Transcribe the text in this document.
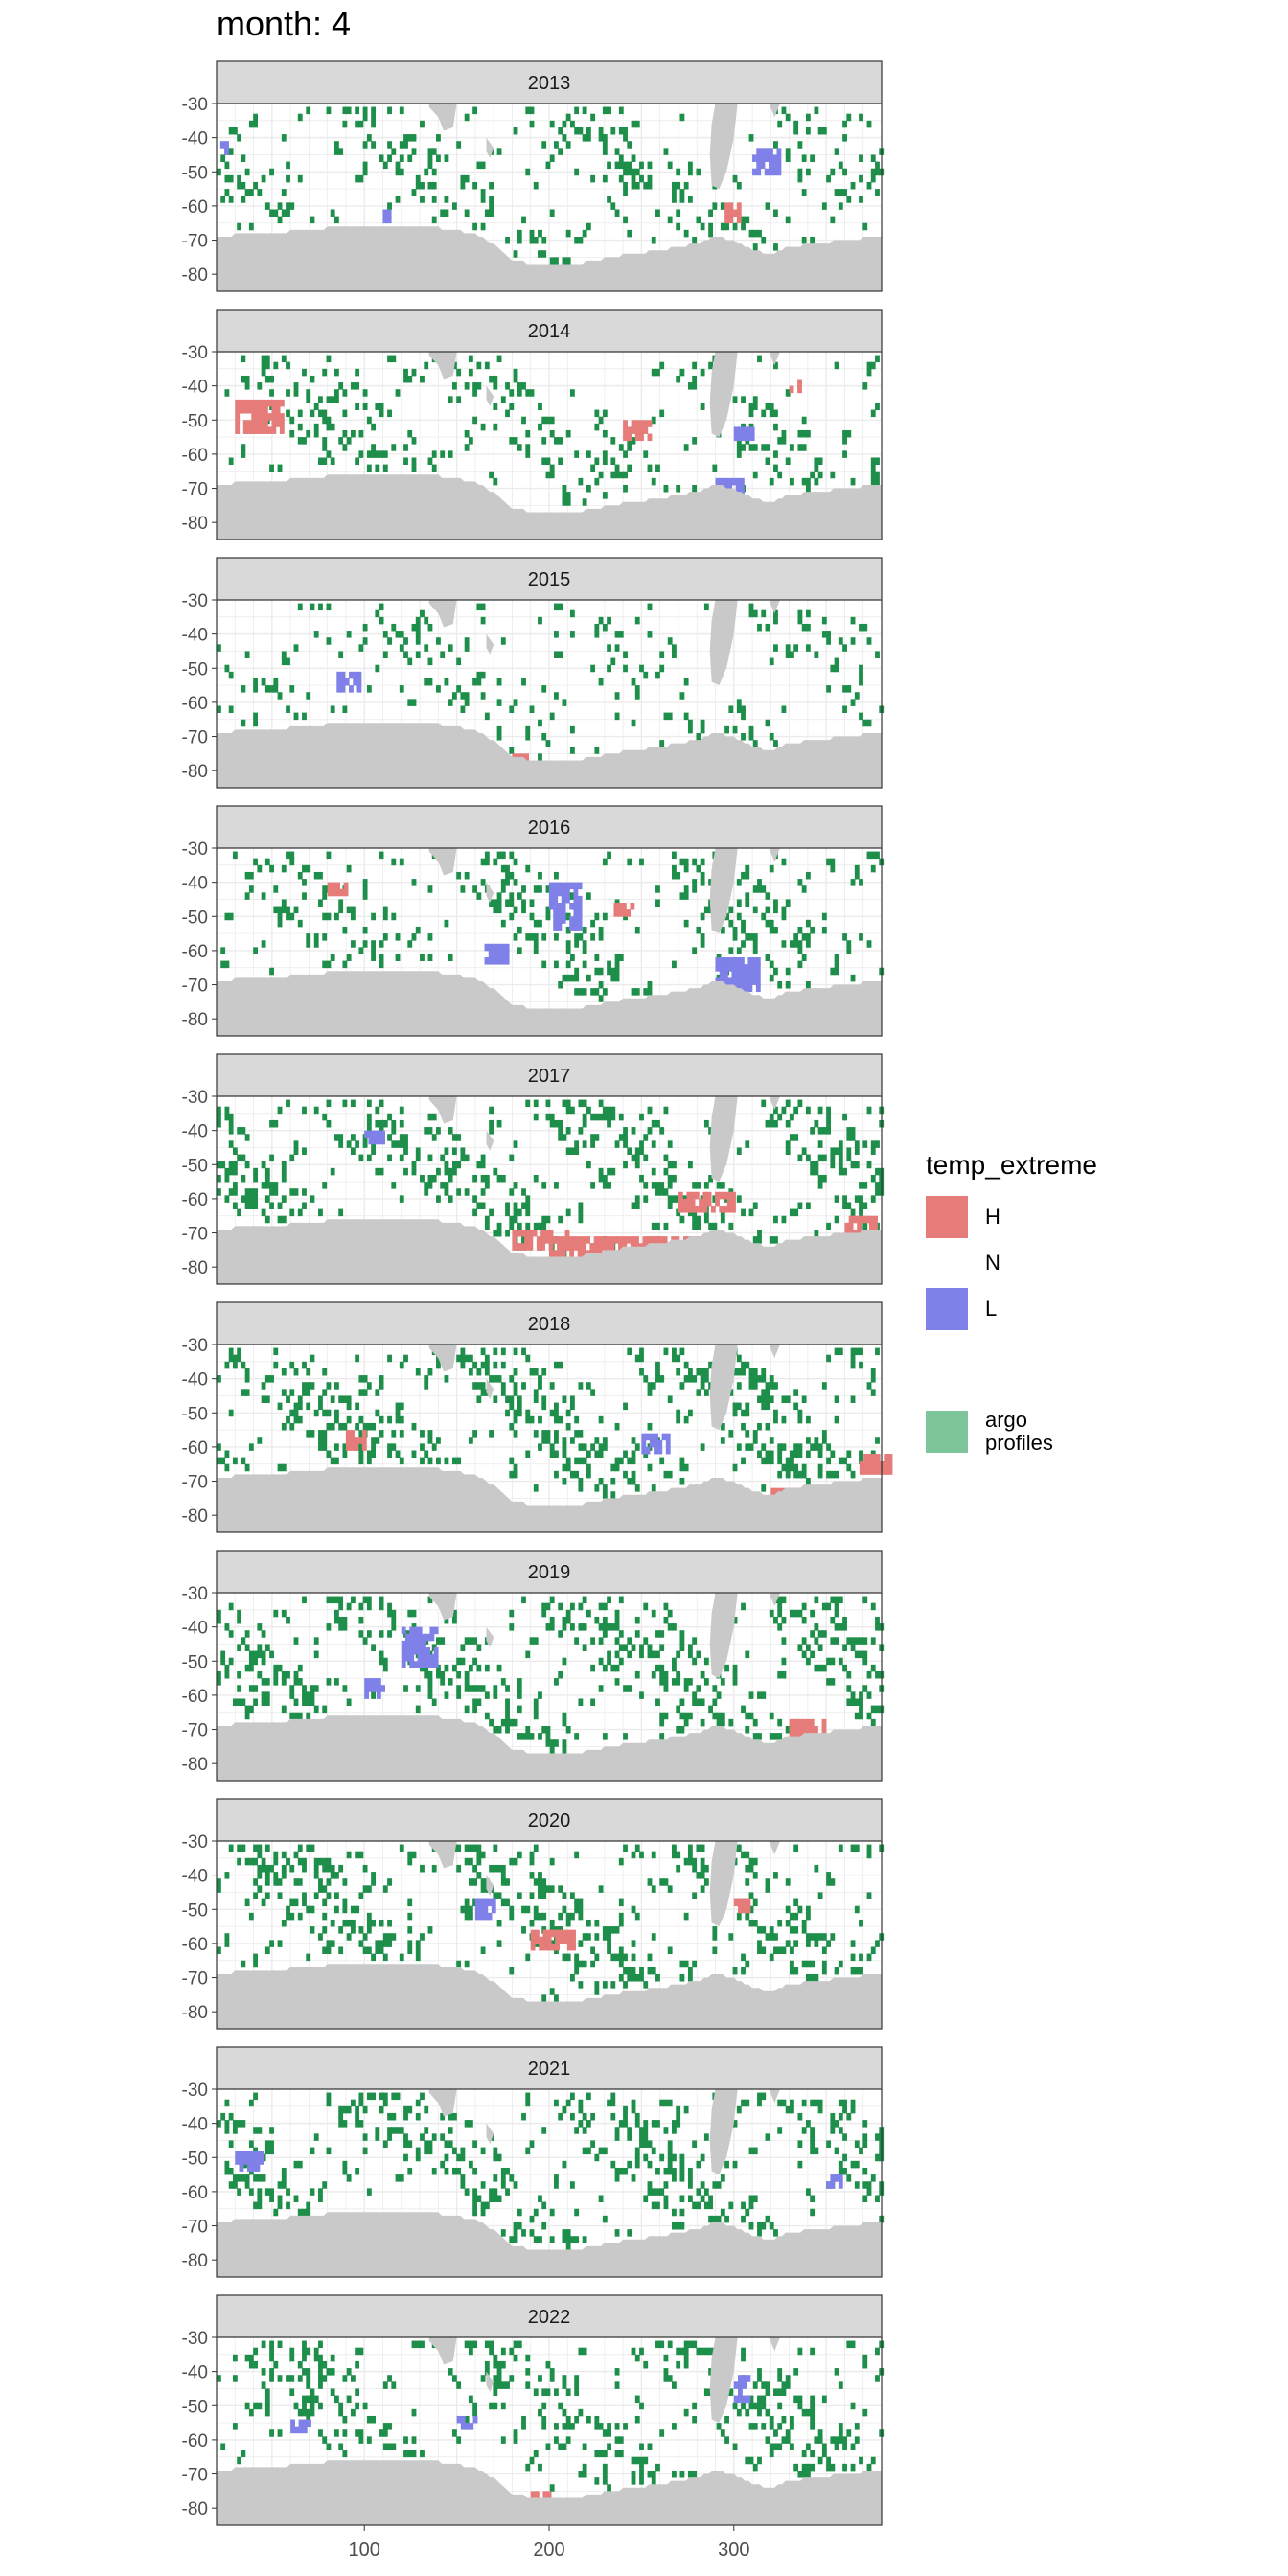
month: 4
2013
-30
-40
-50
-60
-70
-80
2014
-30
-40
-50
-60
-70
-80
2015
-30
-40
-50
-60
-70
-80
2016
-30
-40
-50
-60
-70
-80
2017
-30
-40
-50
-60
-70
-80
2018
-30
-40
-50
-60
-70
-80
2019
-30
-40
-50
-60
-70
-80
2020
-30
-40
-50
-60
-70
-80
2021
-30
-40
-50
-60
-70
-80
2022
-30
-40
-50
-60
-70
-80
100	200	300
temp_extreme
H
N
L
argo
profiles
